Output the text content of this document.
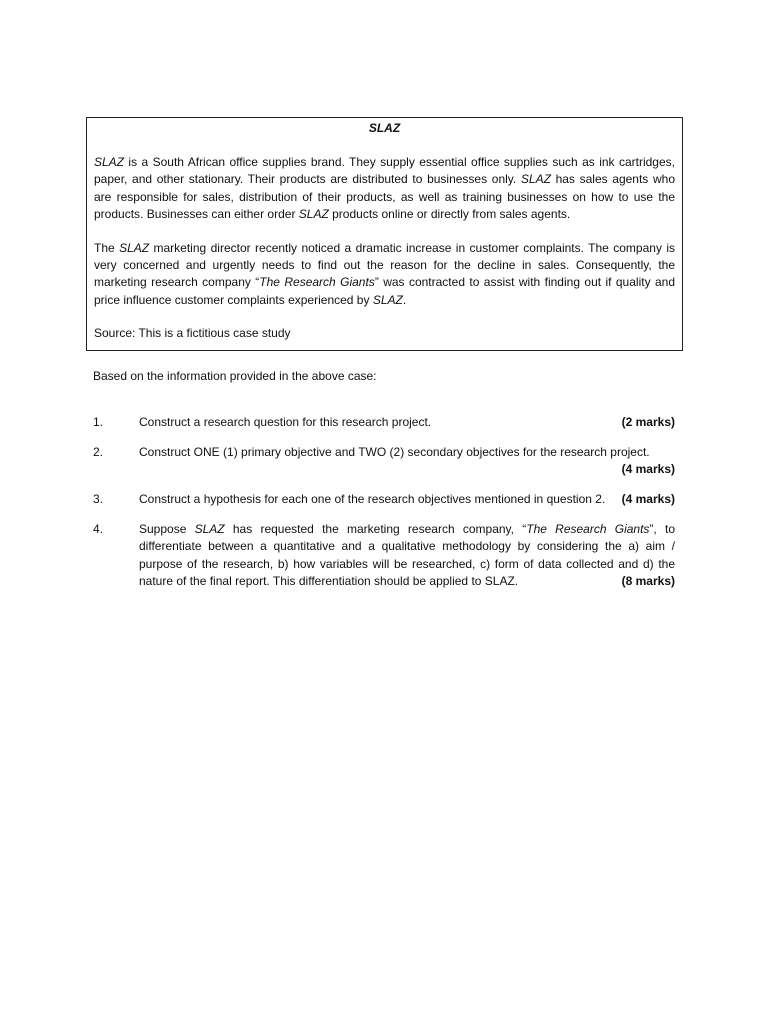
SLAZ

SLAZ is a South African office supplies brand. They supply essential office supplies such as ink cartridges, paper, and other stationary. Their products are distributed to businesses only. SLAZ has sales agents who are responsible for sales, distribution of their products, as well as training businesses on how to use the products. Businesses can either order SLAZ products online or directly from sales agents.

The SLAZ marketing director recently noticed a dramatic increase in customer complaints. The company is very concerned and urgently needs to find out the reason for the decline in sales. Consequently, the marketing research company “The Research Giants” was contracted to assist with finding out if quality and price influence customer complaints experienced by SLAZ.

Source: This is a fictitious case study

Based on the information provided in the above case:

1.	(2 marks)
Construct a research question for this research project.
2.	Construct ONE (1) primary objective and TWO (2) secondary objectives for the research project.
(4 marks)
3.	Construct a hypothesis for each one of the research objectives mentioned in question 2. (4 marks)
4.	Suppose SLAZ has requested the marketing research company, “The Research Giants”, to differentiate between a quantitative and a qualitative methodology by considering the a) aim / purpose of the research, b) how variables will be researched, c) form of data collected and d) the nature of the final report. This differentiation should be applied to SLAZ.	(8 marks)
